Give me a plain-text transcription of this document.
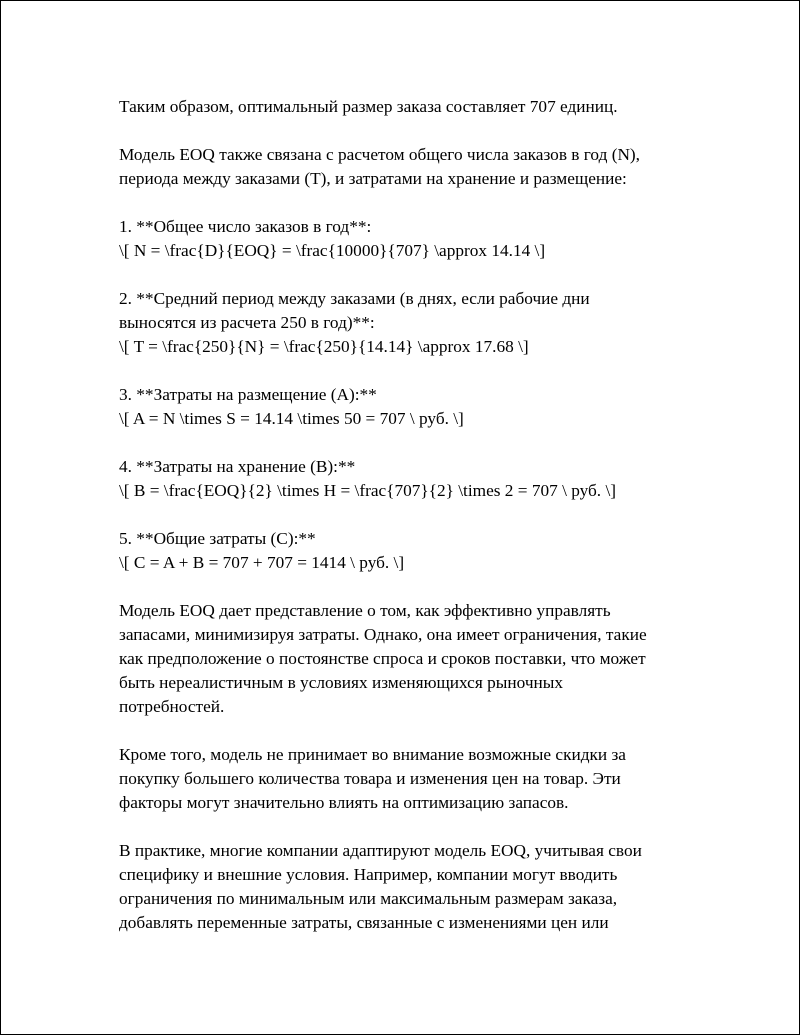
Таким образом, оптимальный размер заказа составляет 707 единиц.
Модель EOQ также связана с расчетом общего числа заказов в год (N),
периода между заказами (T), и затратами на хранение и размещение:
1. **Общее число заказов в год**:
\[ N = \frac{D}{EOQ} = \frac{10000}{707} \approx 14.14 \]
2. **Средний период между заказами (в днях, если рабочие дни
выносятся из расчета 250 в год)**:
\[ T = \frac{250}{N} = \frac{250}{14.14} \approx 17.68 \]
3. **Затраты на размещение (A):**
\[ A = N \times S = 14.14 \times 50 = 707 \ руб. \]
4. **Затраты на хранение (B):**
\[ B = \frac{EOQ}{2} \times H = \frac{707}{2} \times 2 = 707 \ руб. \]
5. **Общие затраты (C):**
\[ C = A + B = 707 + 707 = 1414 \ руб. \]
Модель EOQ дает представление о том, как эффективно управлять
запасами, минимизируя затраты. Однако, она имеет ограничения, такие
как предположение о постоянстве спроса и сроков поставки, что может
быть нереалистичным в условиях изменяющихся рыночных
потребностей.
Кроме того, модель не принимает во внимание возможные скидки за
покупку большего количества товара и изменения цен на товар. Эти
факторы могут значительно влиять на оптимизацию запасов.
В практике, многие компании адаптируют модель EOQ, учитывая свои
специфику и внешние условия. Например, компании могут вводить
ограничения по минимальным или максимальным размерам заказа,
добавлять переменные затраты, связанные с изменениями цен или
